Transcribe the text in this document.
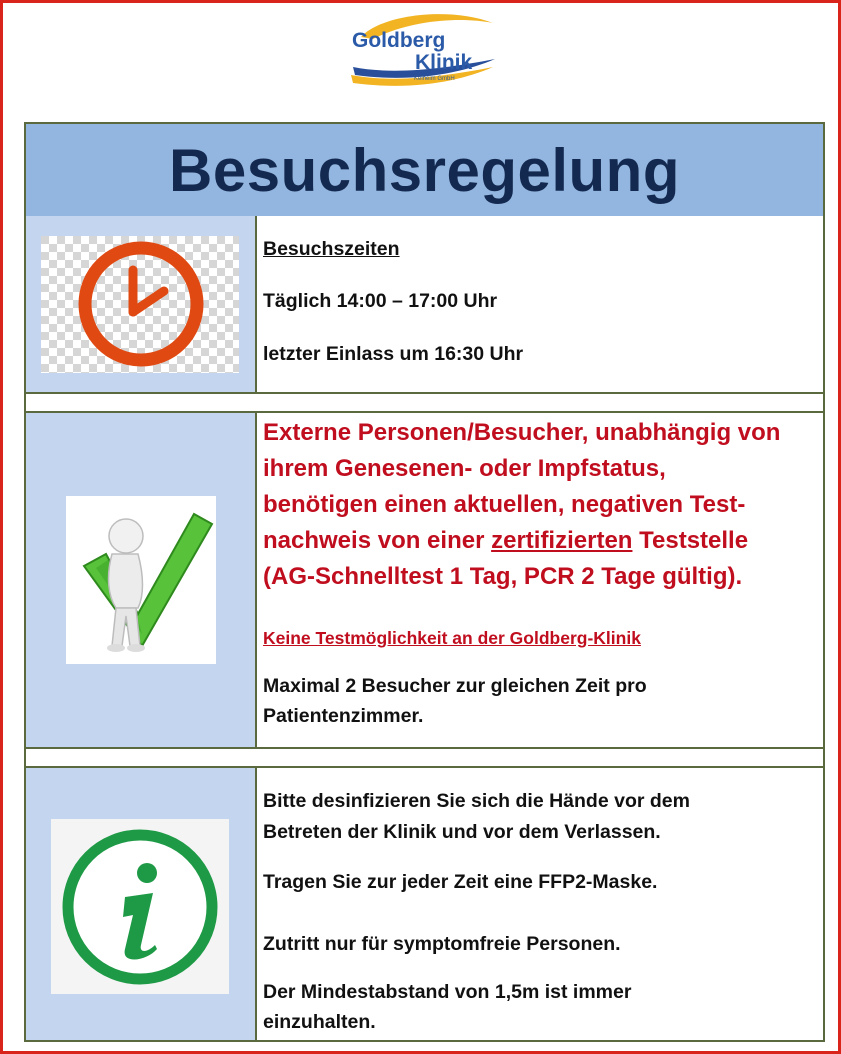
Goldberg
Klinik
Kelheim GmbH
Besuchsregelung
Besuchszeiten
Täglich 14:00 – 17:00 Uhr
letzter Einlass um 16:30 Uhr
Externe Personen/Besucher, unabhängig von
ihrem Genesenen- oder Impfstatus,
benötigen einen aktuellen, negativen Test-
nachweis von einer zertifizierten Teststelle
(AG-Schnelltest 1 Tag, PCR 2 Tage gültig).
Keine Testmöglichkeit an der Goldberg-Klinik
Maximal 2 Besucher zur gleichen Zeit pro
Patientenzimmer.
Bitte desinfizieren Sie sich die Hände vor dem
Betreten der Klinik und vor dem Verlassen.
Tragen Sie zur jeder Zeit eine FFP2-Maske.
Zutritt nur für symptomfreie Personen.
Der Mindestabstand von 1,5m ist immer
einzuhalten.
